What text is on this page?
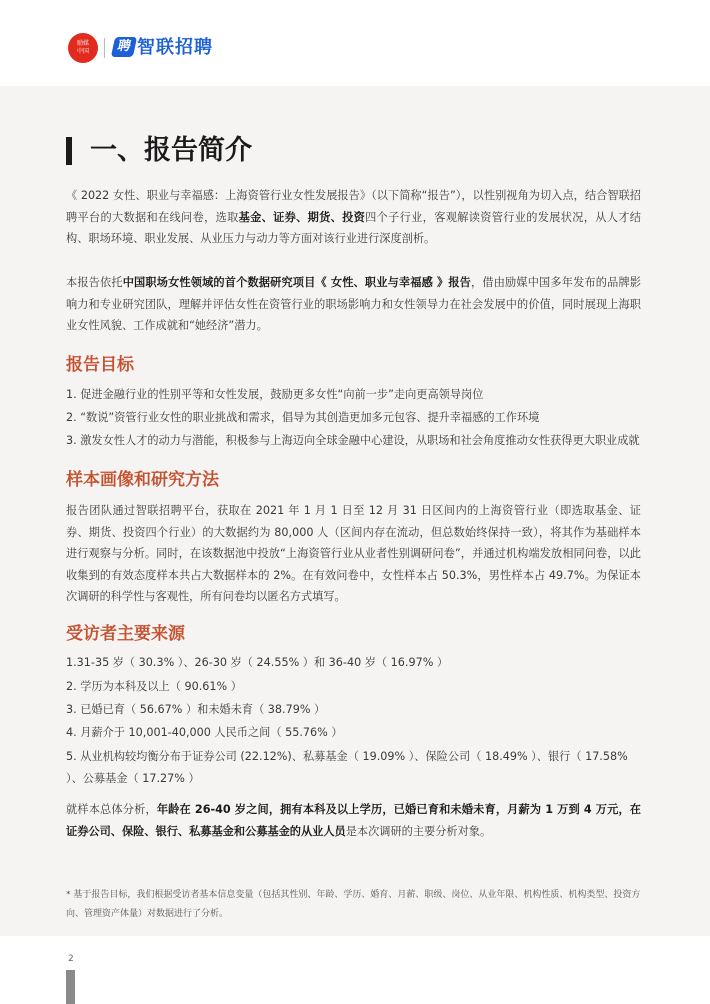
励媒
中国	聘 智联招聘
一、报告简介

《 2022 女性、职业与幸福感：上海资管行业女性发展报告》（以下简称“报告”），以性别视角为切入点，结合智联招聘平台的大数据和在线问卷，选取基金、证券、期货、投资四个子行业，客观解读资管行业的发展状况，从人才结构、职场环境、职业发展、从业压力与动力等方面对该行业进行深度剖析。

本报告依托中国职场女性领域的首个数据研究项目《 女性、职业与幸福感 》报告，借由励媒中国多年发布的品牌影响力和专业研究团队，理解并评估女性在资管行业的职场影响力和女性领导力在社会发展中的价值，同时展现上海职业女性风貌、工作成就和“她经济”潜力。

报告目标
1. 促进金融行业的性别平等和女性发展，鼓励更多女性“向前一步”走向更高领导岗位
2. “数说”资管行业女性的职业挑战和需求，倡导为其创造更加多元包容、提升幸福感的工作环境
3. 激发女性人才的动力与潜能，积极参与上海迈向全球金融中心建设，从职场和社会角度推动女性获得更大职业成就
样本画像和研究方法

报告团队通过智联招聘平台，获取在 2021 年 1 月 1 日至 12 月 31 日区间内的上海资管行业（即选取基金、证券、期货、投资四个行业）的大数据约为 80,000 人（区间内存在流动，但总数始终保持一致），将其作为基础样本进行观察与分析。同时，在该数据池中投放“上海资管行业从业者性别调研问卷”，并通过机构端发放相同问卷，以此收集到的有效态度样本共占大数据样本的 2%。在有效问卷中，女性样本占 50.3%，男性样本占 49.7%。为保证本次调研的科学性与客观性，所有问卷均以匿名方式填写。

受访者主要来源
1.31-35 岁（ 30.3% ）、26-30 岁（ 24.55% ）和 36-40 岁（ 16.97% ）
2. 学历为本科及以上（ 90.61% ）
3. 已婚已育（ 56.67% ）和未婚未育（ 38.79% ）
4. 月薪介于 10,001-40,000 人民币之间（ 55.76% ）
5. 从业机构较均衡分布于证券公司 (22.12%)、私募基金（ 19.09% ）、保险公司（ 18.49% ）、银行（ 17.58% ）、公募基金（ 17.27% ）

就样本总体分析，年龄在 26-40 岁之间，拥有本科及以上学历，已婚已育和未婚未育，月薪为 1 万到 4 万元，在证券公司、保险、银行、私募基金和公募基金的从业人员是本次调研的主要分析对象。

* 基于报告目标，我们根据受访者基本信息变量（包括其性别、年龄、学历、婚育、月薪、职级、岗位、从业年限、机构性质、机构类型、投资方向、管理资产体量）对数据进行了分析。
2
